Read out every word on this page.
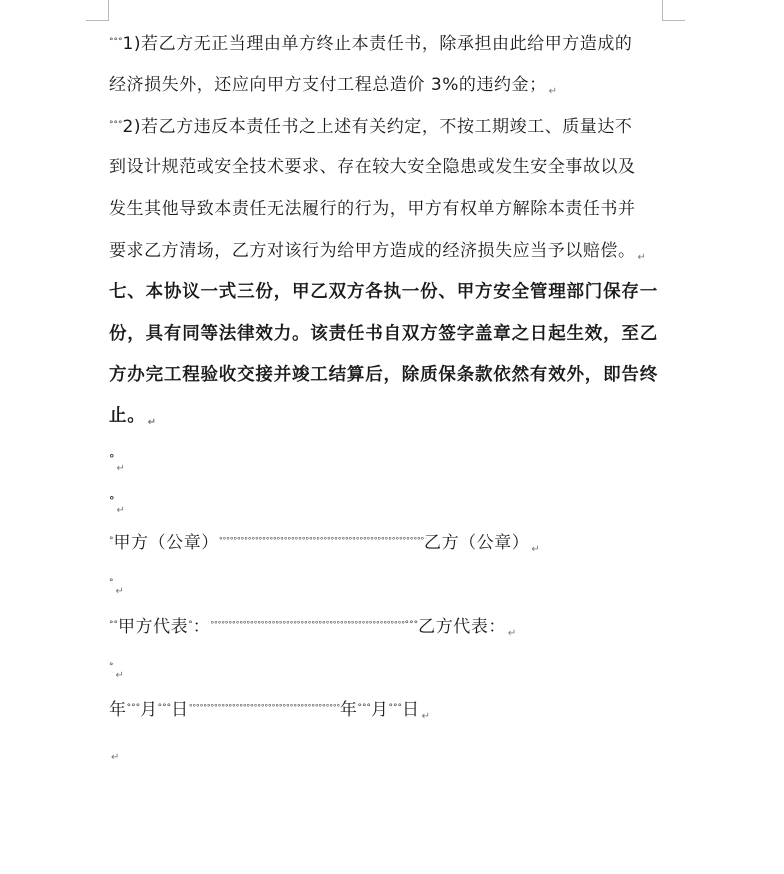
°°°1)若乙方无正当理由单方终止本责任书，除承担由此给甲方造成的
经济损失外，还应向甲方支付工程总造价 3%的违约金； ↵
°°°2)若乙方违反本责任书之上述有关约定，不按工期竣工、质量达不
到设计规范或安全技术要求、存在较大安全隐患或发生安全事故以及
发生其他导致本责任无法履行的行为，甲方有权单方解除本责任书并
要求乙方清场，乙方对该行为给甲方造成的经济损失应当予以赔偿。 ↵
七、本协议一式三份，甲乙双方各执一份、甲方安全管理部门保存一
份，具有同等法律效力。该责任书自双方签字盖章之日起生效，至乙
方办完工程验收交接并竣工结算后，除质保条款依然有效外，即告终
止。 ↵
°↵
°↵
°甲方（公章）°°°°°°°°°°°°°°°°°°°°°°°°°°°°°°°°°°°°°°°°°°°°°°°°°°°°°°°°°乙方（公章） ↵
°↵
°°甲方代表°：°°°°°°°°°°°°°°°°°°°°°°°°°°°°°°°°°°°°°°°°°°°°°°°°°°°°°°°°°乙方代表： ↵
°↵
年°°°月°°°日°°°°°°°°°°°°°°°°°°°°°°°°°°°°°°°°°°°°°°°°°°年°°°月°°°日 ↵
↵
